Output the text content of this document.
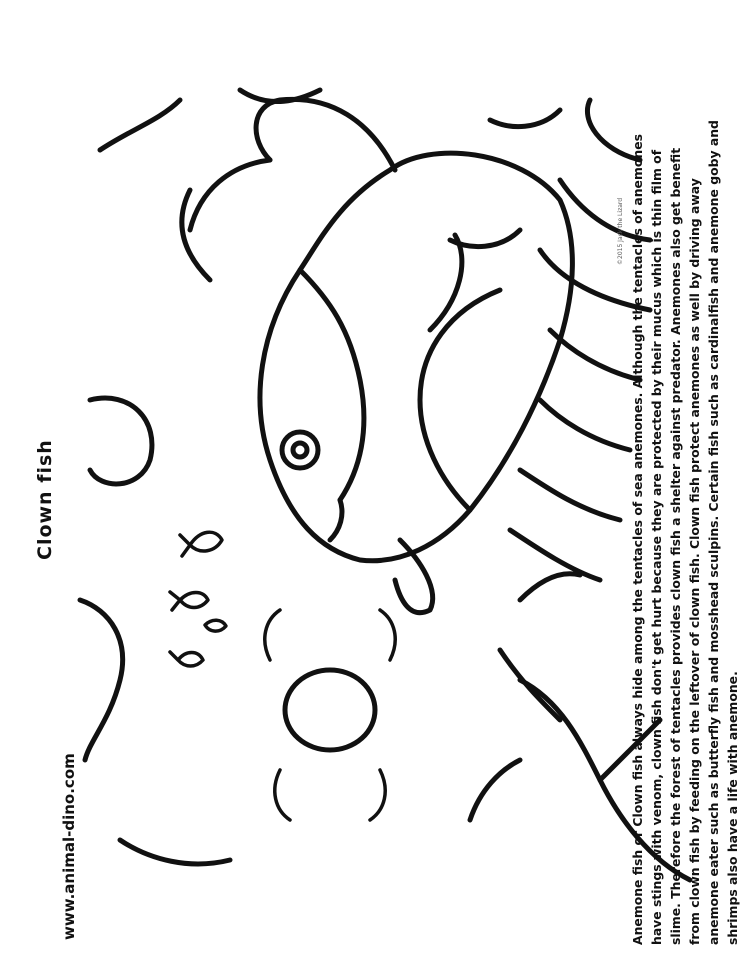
www.animal-dino.com
Clown fish
©2015 Jack the Lizard Anemone fish or Clown fish always hide among the tentacles of sea anemones. Although the tentacles of anemones have stings with venom, clown fish don't get hurt because they are protected by their mucus which is thin film of slime. Therefore the forest of tentacles provides clown fish a shelter against predator. Anemones also get benefit from clown fish by feeding on the leftover of clown fish. Clown fish protect anemones as well by driving away anemone eater such as butterfly fish and mosshead sculpins. Certain fish such as cardinalfish and anemone goby and shrimps also have a life with anemone.
